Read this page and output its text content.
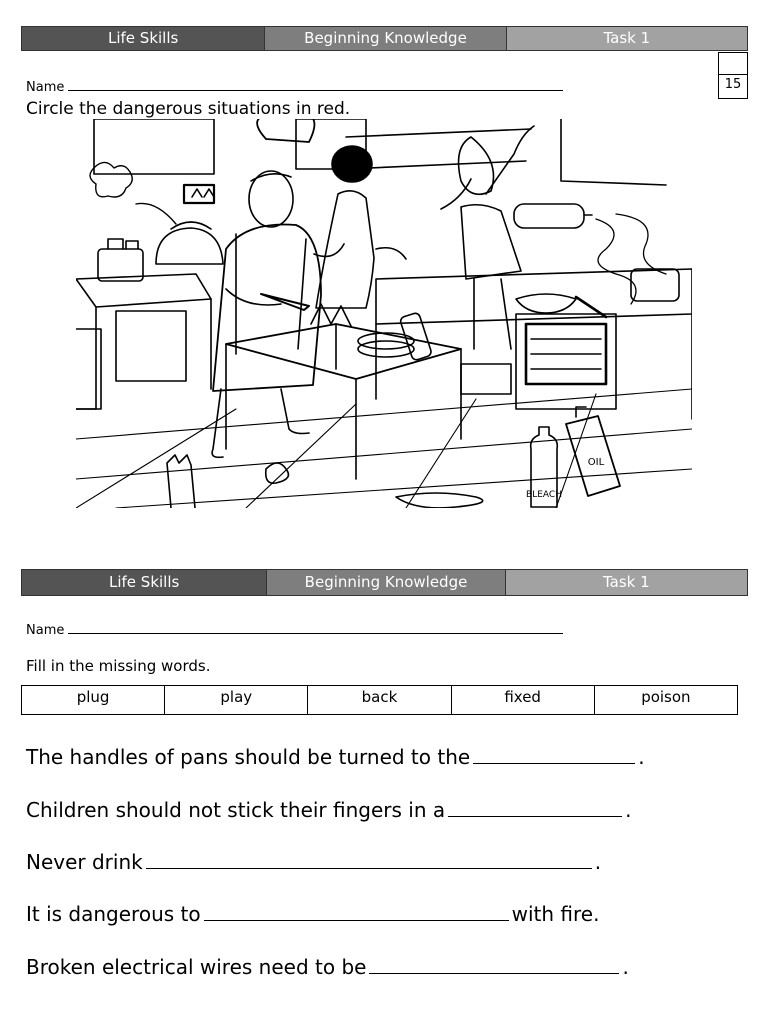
Life Skills	Beginning Knowledge	Task 1
Name	15
Circle the dangerous situations in red.
BLEACH
OIL
Life Skills	Beginning Knowledge	Task 1
Name
Fill in the missing words.
plug	play	back	fixed	poison
The handles of pans should be turned to the	.
Children should not stick their fingers in a	.
Never drink	.
It is dangerous to	with fire.
Broken electrical wires need to be	.
